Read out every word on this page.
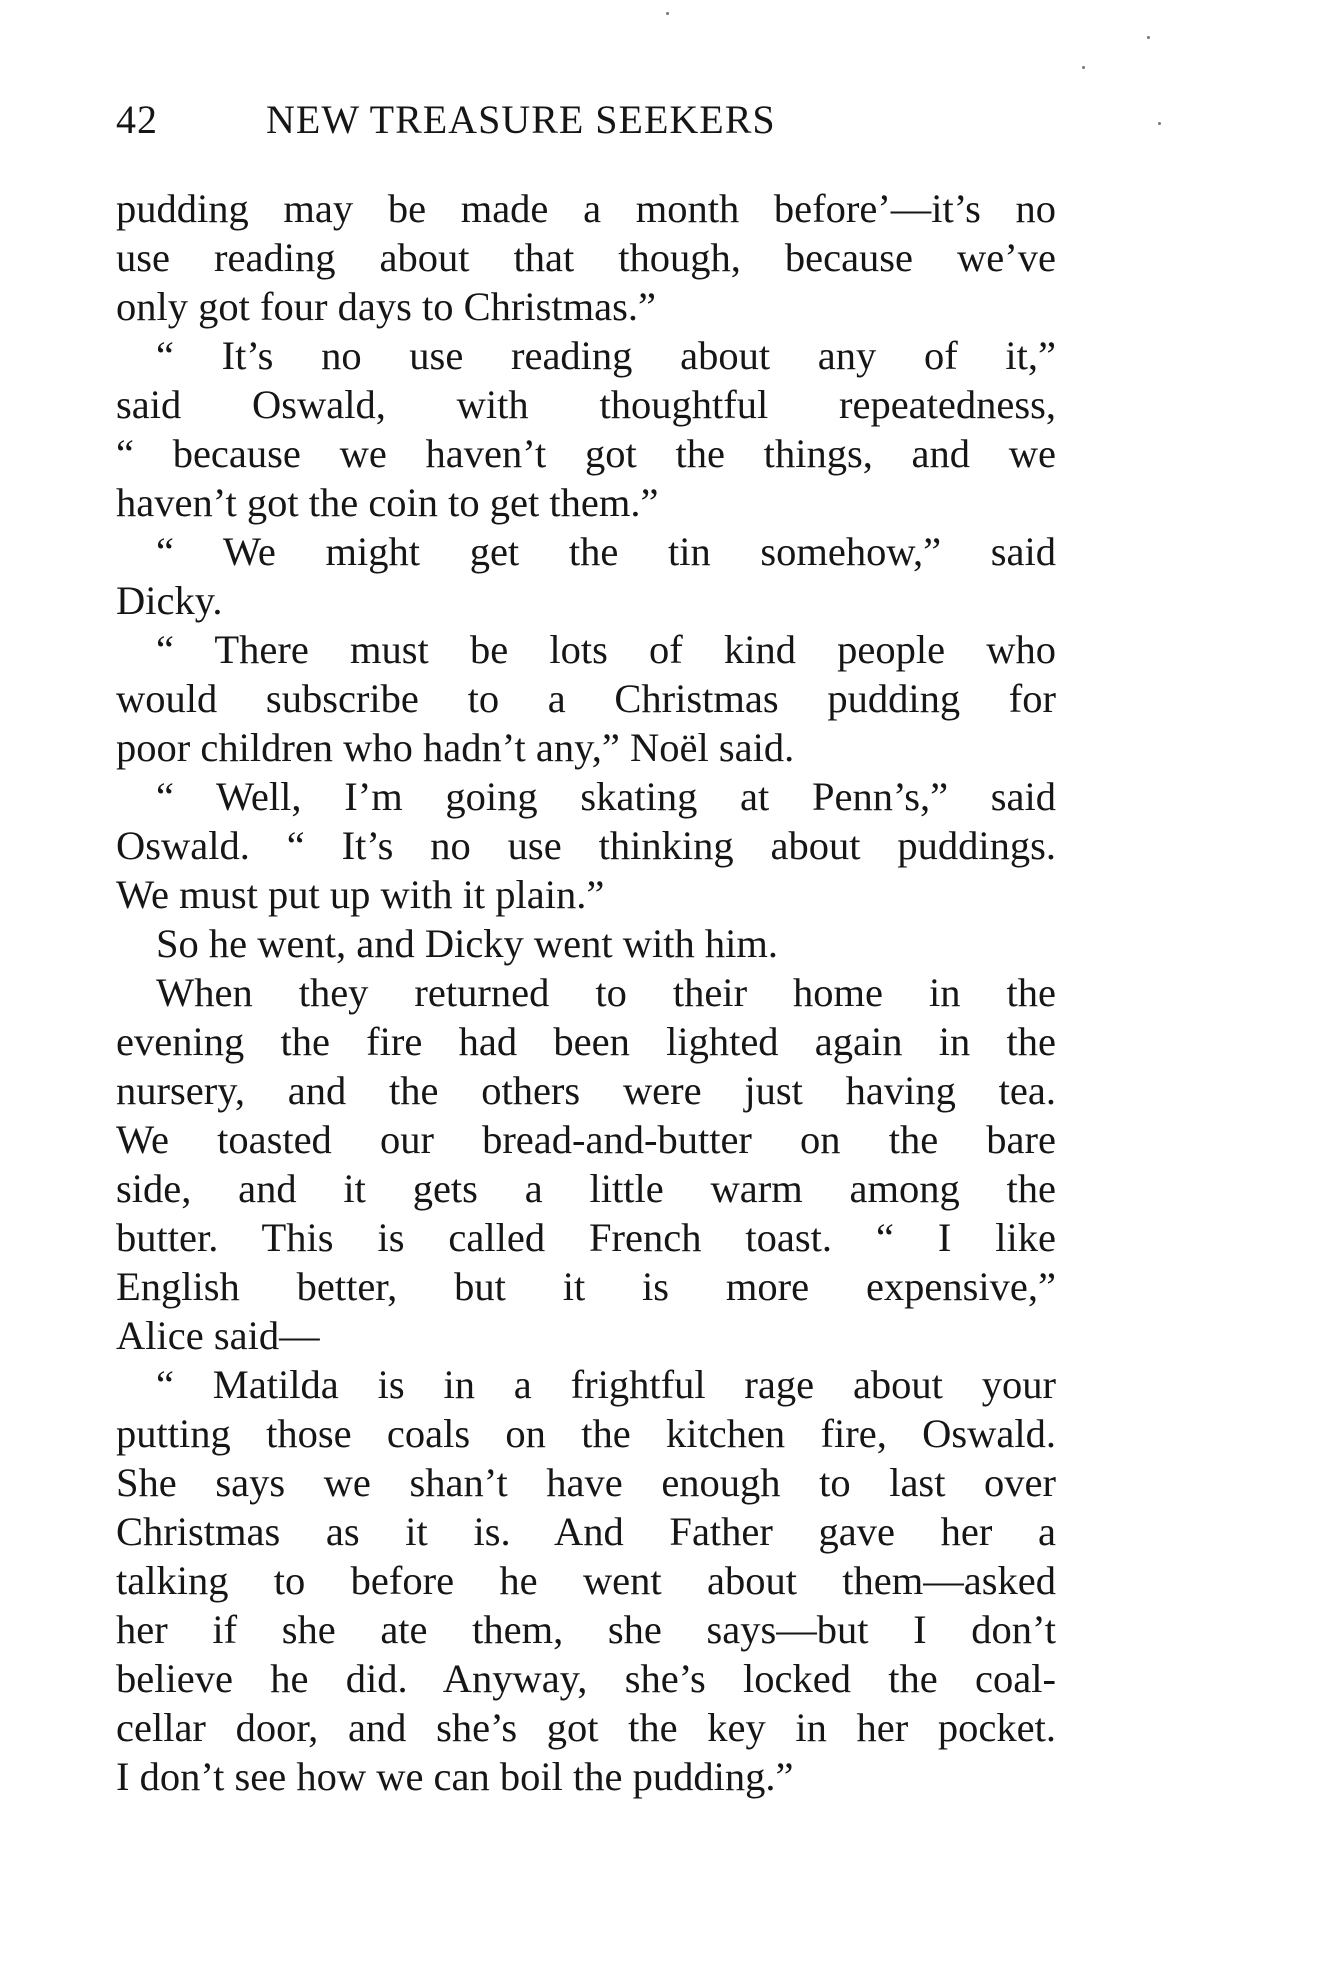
42	NEW TREASURE SEEKERS
pudding may be made a month before’—it’s no
use reading about that though, because we’ve
only got four days to Christmas.”
“ It’s no use reading about any of it,”
said Oswald, with thoughtful repeatedness,
“ because we haven’t got the things, and we
haven’t got the coin to get them.”
“ We might get the tin somehow,” said
Dicky.
“ There must be lots of kind people who
would subscribe to a Christmas pudding for
poor children who hadn’t any,” Noël said.
“ Well, I’m going skating at Penn’s,” said
Oswald. “ It’s no use thinking about puddings.
We must put up with it plain.”
So he went, and Dicky went with him.
When they returned to their home in the
evening the fire had been lighted again in the
nursery, and the others were just having tea.
We toasted our bread-and-butter on the bare
side, and it gets a little warm among the
butter. This is called French toast. “ I like
English better, but it is more expensive,”
Alice said—
“ Matilda is in a frightful rage about your
putting those coals on the kitchen fire, Oswald.
She says we shan’t have enough to last over
Christmas as it is. And Father gave her a
talking to before he went about them—asked
her if she ate them, she says—but I don’t
believe he did. Anyway, she’s locked the coal-
cellar door, and she’s got the key in her pocket.
I don’t see how we can boil the pudding.”
